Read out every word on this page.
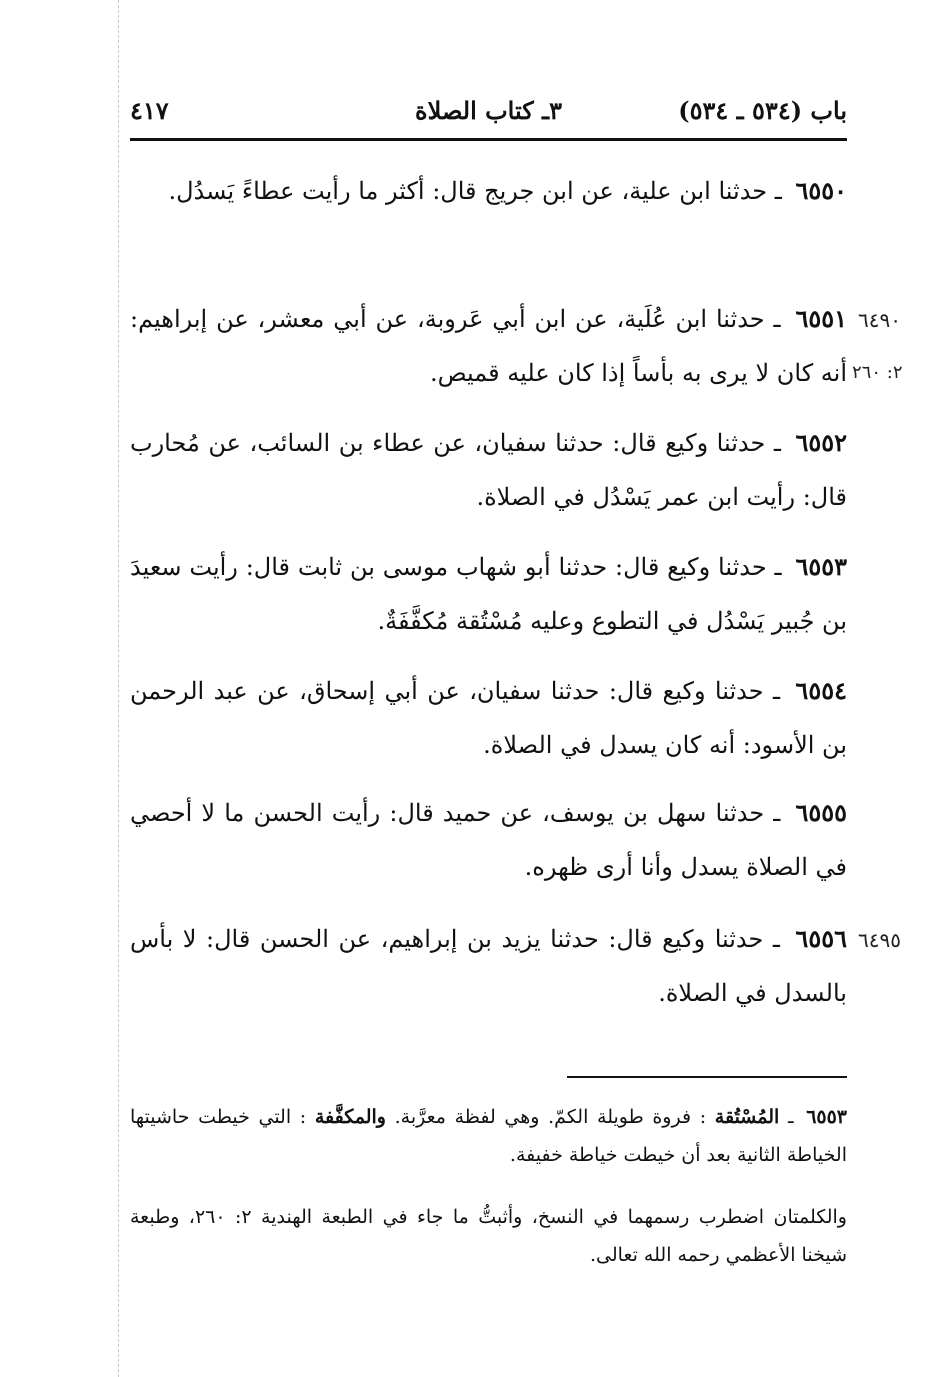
باب (٥٣٤ ـ ٥٣٤)
٣ـ كتاب الصلاة
٤١٧
٦٥٥٠ ـ حدثنا ابن علية، عن ابن جريج قال: أكثر ما رأيت عطاءً يَسدُل.
٦٤٩٠
٢: ٢٦٠
٦٥٥١ ـ حدثنا ابن عُلَية، عن ابن أبي عَروبة، عن أبي معشر، عن إبراهيم: أنه كان لا يرى به بأساً إذا كان عليه قميص.
٦٥٥٢ ـ حدثنا وكيع قال: حدثنا سفيان، عن عطاء بن السائب، عن مُحارب قال: رأيت ابن عمر يَسْدُل في الصلاة.
٦٥٥٣ ـ حدثنا وكيع قال: حدثنا أبو شهاب موسى بن ثابت قال: رأيت سعيدَ بن جُبير يَسْدُل في التطوع وعليه مُسْتُقة مُكفَّفَةٌ.
٦٥٥٤ ـ حدثنا وكيع قال: حدثنا سفيان، عن أبي إسحاق، عن عبد الرحمن بن الأسود: أنه كان يسدل في الصلاة.
٦٥٥٥ ـ حدثنا سهل بن يوسف، عن حميد قال: رأيت الحسن ما لا أحصي في الصلاة يسدل وأنا أرى ظهره.
٦٤٩٥
٦٥٥٦ ـ حدثنا وكيع قال: حدثنا يزيد بن إبراهيم، عن الحسن قال: لا بأس بالسدل في الصلاة.
٦٥٥٣ ـ المُسْتُقة : فروة طويلة الكمّ. وهي لفظة معرَّبة. والمكفَّفة : التي خيطت حاشيتها الخياطة الثانية بعد أن خيطت خياطة خفيفة.
والكلمتان اضطرب رسمهما في النسخ، وأثبتُّ ما جاء في الطبعة الهندية ٢: ٢٦٠، وطبعة شيخنا الأعظمي رحمه الله تعالى.
